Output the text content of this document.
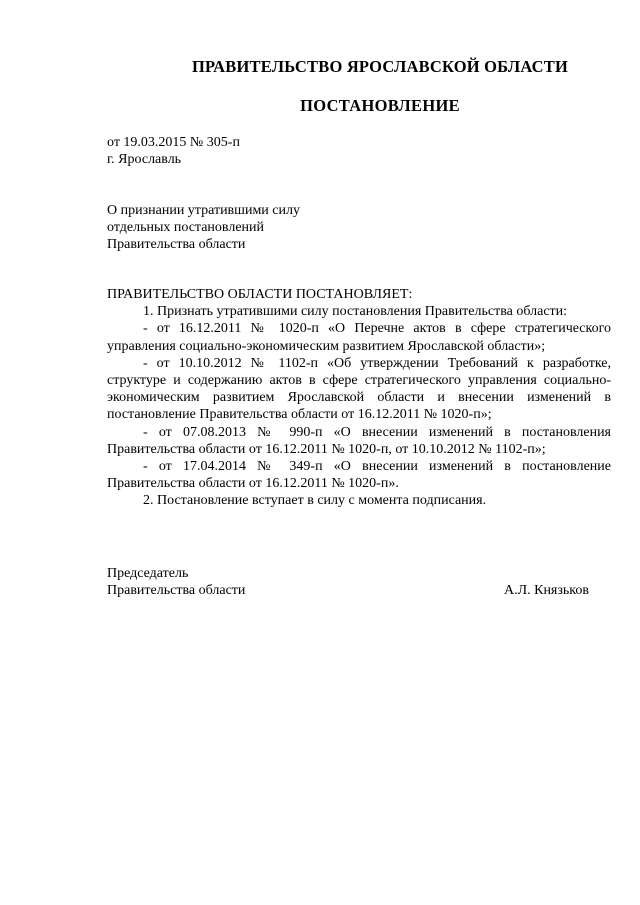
ПРАВИТЕЛЬСТВО ЯРОСЛАВСКОЙ ОБЛАСТИ
ПОСТАНОВЛЕНИЕ
от 19.03.2015 № 305-п
г. Ярославль
О признании утратившими силу
отдельных постановлений
Правительства области
ПРАВИТЕЛЬСТВО ОБЛАСТИ ПОСТАНОВЛЯЕТ:
1. Признать утратившими силу постановления Правительства области:
- от 16.12.2011 № 1020-п «О Перечне актов в сфере стратегического управления социально-экономическим развитием Ярославской области»;
- от 10.10.2012 № 1102-п «Об утверждении Требований к разработке, структуре и содержанию актов в сфере стратегического управления социально-экономическим развитием Ярославской области и внесении изменений в постановление Правительства области от 16.12.2011 № 1020-п»;
- от 07.08.2013 № 990-п «О внесении изменений в постановления Правительства области от 16.12.2011 № 1020-п, от 10.10.2012 № 1102-п»;
- от 17.04.2014 № 349-п «О внесении изменений в постановление Правительства области от 16.12.2011 № 1020-п».
2. Постановление вступает в силу с момента подписания.
Председатель
Правительства области	А.Л. Князьков
